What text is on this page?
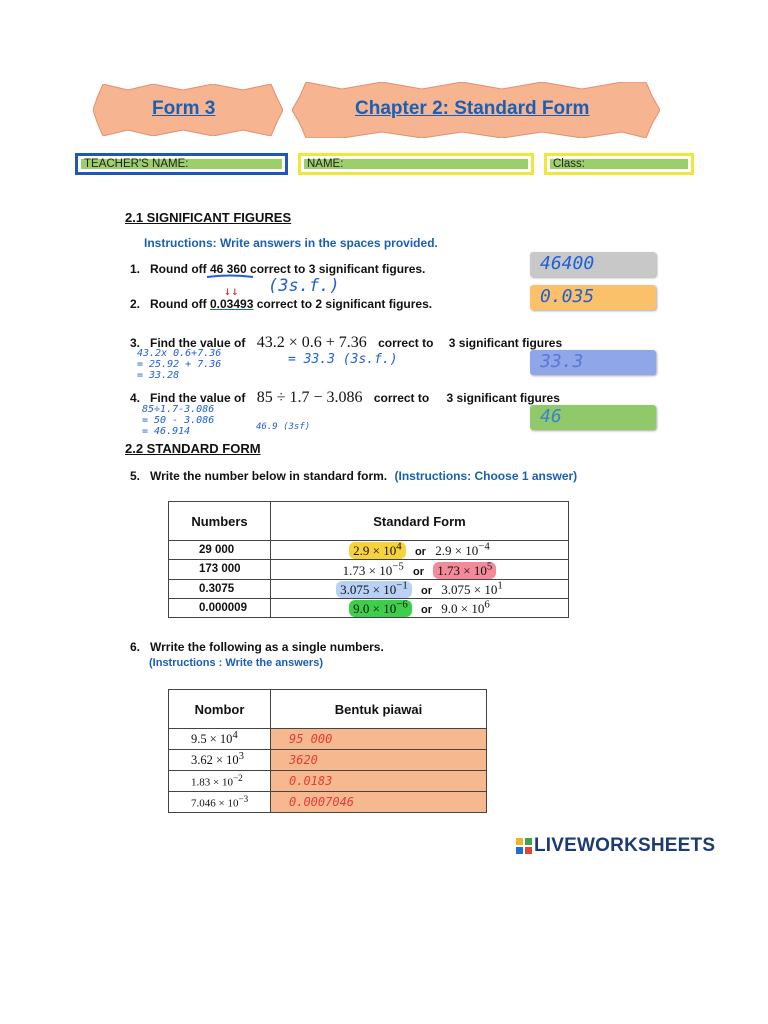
Form 3	Chapter 2: Standard Form
TEACHER'S NAME:	NAME:	Class:
2.1 SIGNIFICANT FIGURES
Instructions: Write answers in the spaces provided.
1. Round off 46 360 correct to 3 significant figures.
(3s.f.)
46400
2. Round off 0.03493 correct to 2 significant figures.
↓↓	0.035
3. Find the value of 43.2 × 0.6 + 7.36 correct to 3 significant figures
43.2x 0.6+7.36
= 25.92 + 7.36
= 33.28
= 33.3 (3s.f.)	33.3
4. Find the value of 85 ÷ 1.7 − 3.086 correct to 3 significant figures
85÷1.7-3.086
= 50 - 3.086
= 46.914	46.9 (3sf)	46
2.2 STANDARD FORM
5. Write the number below in standard form. (Instructions: Choose 1 answer)
Numbers	Standard Form
29 000	$2.9 \times 10^4$ or $2.9 \times 10^{-4}$
173 000	$1.73 \times 10^{-5}$ or $1.73 \times 10^5$
0.3075	$3.075 \times 10^{-1}$ or $3.075 \times 10^1$
0.000009	$9.0 \times 10^{-6}$ or $9.0 \times 10^6$
6. Wrrite the following as a single numbers.
(Instructions : Write the answers)
Nombor	Bentuk piawai
$9.5 \times 10^4$	95 000
$3.62 \times 10^3$	3620
$1.83 \times 10^{-2}$	0.0183
$7.046 \times 10^{-3}$	0.0007046
LIVEWORKSHEETS
